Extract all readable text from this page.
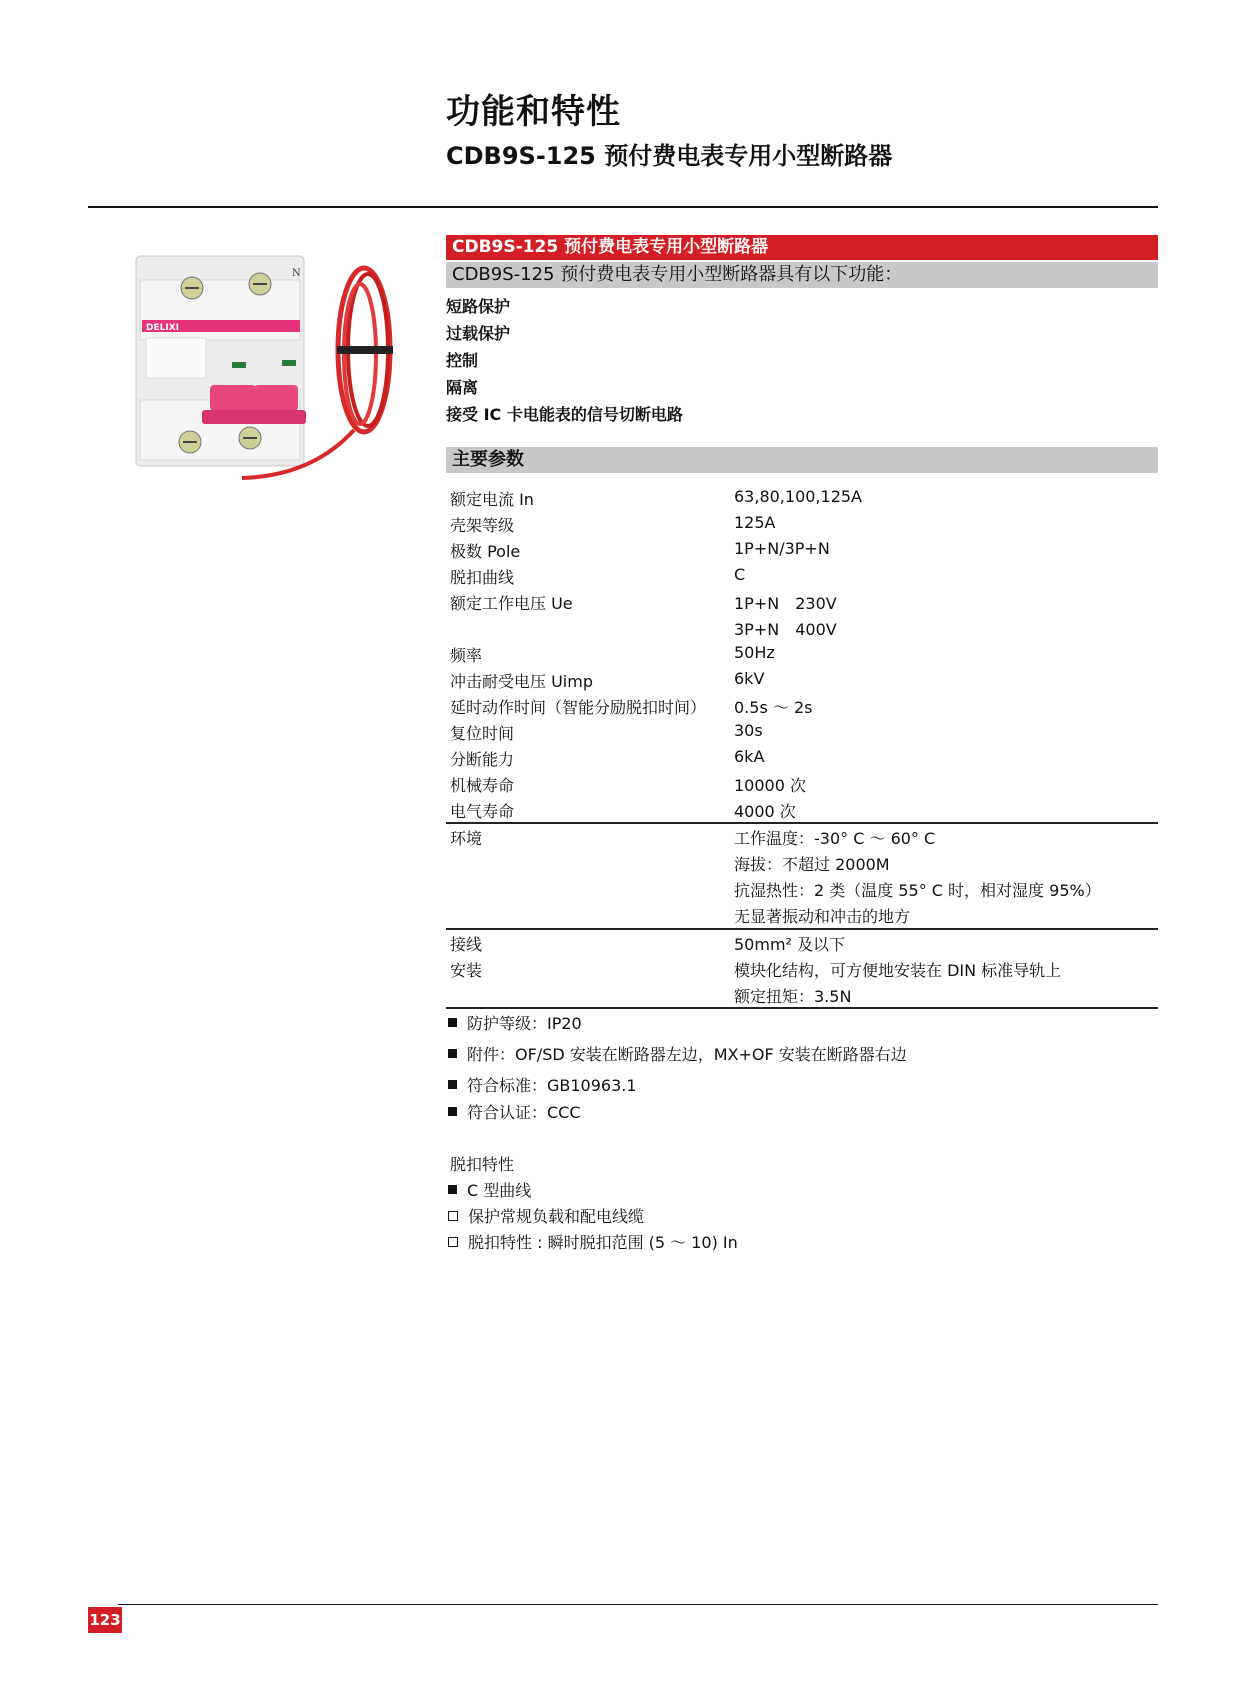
功能和特性
CDB9S-125 预付费电表专用小型断路器
N
DELIXI
CDB9S-125 预付费电表专用小型断路器
CDB9S-125 预付费电表专用小型断路器具有以下功能：
短路保护
过载保护
控制
隔离
接受 IC 卡电能表的信号切断电路
主要参数
额定电流 In	63,80,100,125A
壳架等级	125A
极数 Pole	1P+N/3P+N
脱扣曲线	C
额定工作电压 Ue	1P+N　230V
3P+N　400V
频率	50Hz
冲击耐受电压 Uimp	6kV
延时动作时间（智能分励脱扣时间） 0.5s ～ 2s
复位时间	30s
分断能力	6kA
机械寿命	10000 次
电气寿命	4000 次
环境	工作温度：-30° C ～ 60° C
海拔：不超过 2000M
抗湿热性：2 类（温度 55° C 时，相对湿度 95%）
无显著振动和冲击的地方
接线	50mm² 及以下
安装	模块化结构，可方便地安装在 DIN 标准导轨上
额定扭矩：3.5N
防护等级：IP20
附件：OF/SD 安装在断路器左边，MX+OF 安装在断路器右边
符合标准：GB10963.1
符合认证：CCC
脱扣特性
C 型曲线
保护常规负载和配电线缆
脱扣特性 : 瞬时脱扣范围 (5 ～ 10) In
123
